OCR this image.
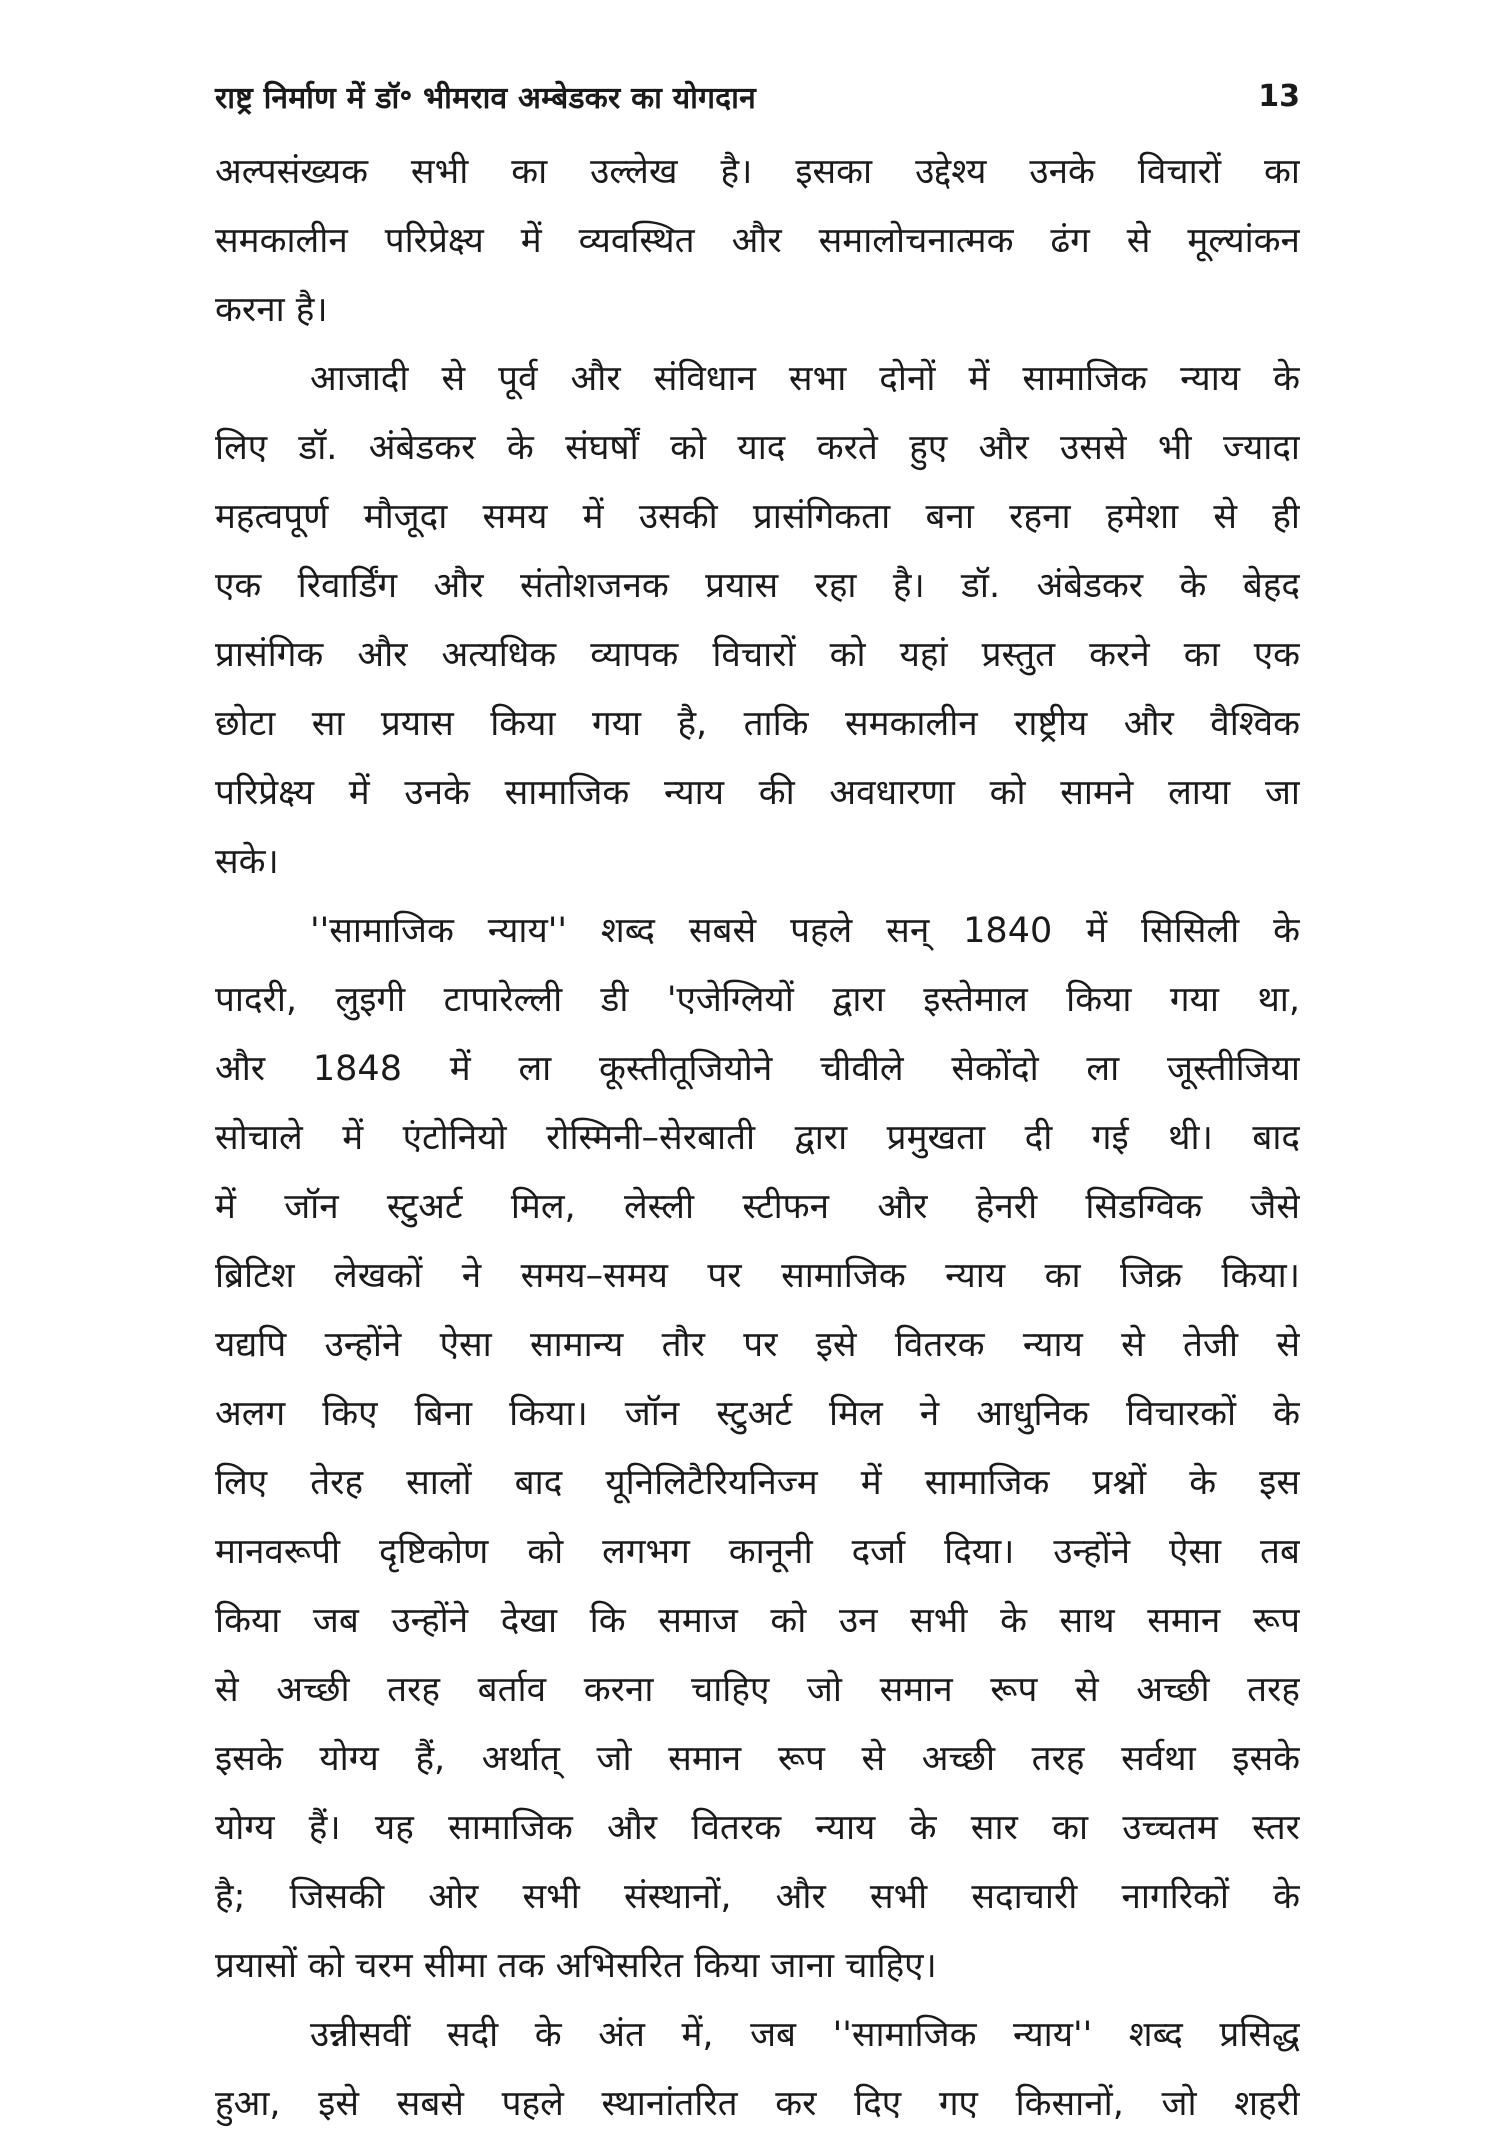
राष्ट्र निर्माण में डॉ॰ भीमराव अम्बेडकर का योगदान	13
अल्पसंख्यक सभी का उल्लेख है। इसका उद्देश्य उनके विचारों का
समकालीन परिप्रेक्ष्य में व्यवस्थित और समालोचनात्मक ढंग से मूल्यांकन
करना है।
आजादी से पूर्व और संविधान सभा दोनों में सामाजिक न्याय के
लिए डॉ. अंबेडकर के संघर्षों को याद करते हुए और उससे भी ज्यादा
महत्वपूर्ण मौजूदा समय में उसकी प्रासंगिकता बना रहना हमेशा से ही
एक रिवार्डिंग और संतोशजनक प्रयास रहा है। डॉ. अंबेडकर के बेहद
प्रासंगिक और अत्यधिक व्यापक विचारों को यहां प्रस्तुत करने का एक
छोटा सा प्रयास किया गया है, ताकि समकालीन राष्ट्रीय और वैश्विक
परिप्रेक्ष्य में उनके सामाजिक न्याय की अवधारणा को सामने लाया जा
सके।
''सामाजिक न्याय'' शब्द सबसे पहले सन् 1840 में सिसिली के
पादरी, लुइगी टापारेल्ली डी 'एजेग्लियों द्वारा इस्तेमाल किया गया था,
और 1848 में ला कूस्तीतूजियोने चीवीले सेकोंदो ला जूस्तीजिया
सोचाले में एंटोनियो रोस्मिनी–सेरबाती द्वारा प्रमुखता दी गई थी। बाद
में जॉन स्टुअर्ट मिल, लेस्ली स्टीफन और हेनरी सिडग्विक जैसे
ब्रिटिश लेखकों ने समय–समय पर सामाजिक न्याय का जिक्र किया।
यद्यपि उन्होंने ऐसा सामान्य तौर पर इसे वितरक न्याय से तेजी से
अलग किए बिना किया। जॉन स्टुअर्ट मिल ने आधुनिक विचारकों के
लिए तेरह सालों बाद यूनिलिटैरियनिज्म में सामाजिक प्रश्नों के इस
मानवरूपी दृष्टिकोण को लगभग कानूनी दर्जा दिया। उन्होंने ऐसा तब
किया जब उन्होंने देखा कि समाज को उन सभी के साथ समान रूप
से अच्छी तरह बर्ताव करना चाहिए जो समान रूप से अच्छी तरह
इसके योग्य हैं, अर्थात् जो समान रूप से अच्छी तरह सर्वथा इसके
योग्य हैं। यह सामाजिक और वितरक न्याय के सार का उच्चतम स्तर
है; जिसकी ओर सभी संस्थानों, और सभी सदाचारी नागरिकों के
प्रयासों को चरम सीमा तक अभिसरित किया जाना चाहिए।
उन्नीसवीं सदी के अंत में, जब ''सामाजिक न्याय'' शब्द प्रसिद्ध
हुआ, इसे सबसे पहले स्थानांतरित कर दिए गए किसानों, जो शहरी
